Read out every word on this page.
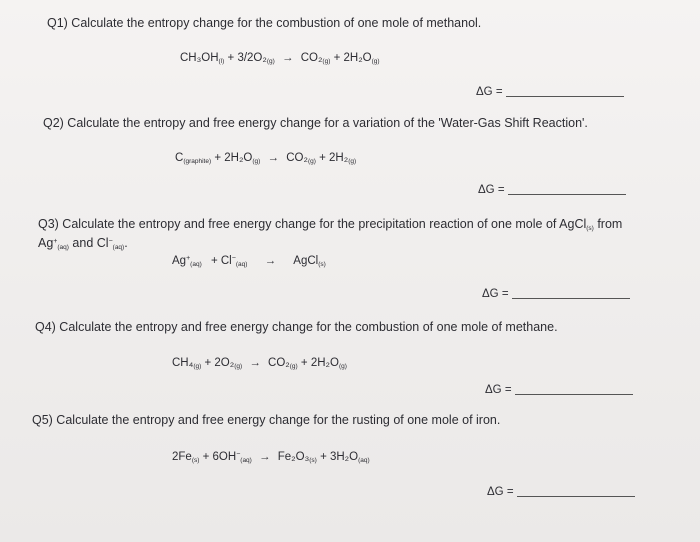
Q1) Calculate the entropy change for the combustion of one mole of methanol.
CH₃OH(l) + 3/2O₂(g) → CO₂(g) + 2H₂O(g)
ΔG =
Q2) Calculate the entropy and free energy change for a variation of the 'Water-Gas Shift Reaction'.
C(graphite) + 2H₂O(g) → CO₂(g) + 2H₂(g)
ΔG =
Q3) Calculate the entropy and free energy change for the precipitation reaction of one mole of AgCl$_{(s)}$ from
$Ag^+_{(aq)}$ and $Cl^-_{(aq)}$.
Ag+(aq) + Cl−(aq) → AgCl(s)
ΔG =
Q4) Calculate the entropy and free energy change for the combustion of one mole of methane.
CH₄(g) + 2O₂(g) → CO₂(g) + 2H₂O(g)
ΔG =
Q5) Calculate the entropy and free energy change for the rusting of one mole of iron.
2Fe(s) + 6OH−(aq) → Fe₂O₃(s) + 3H₂O(aq)
ΔG =
